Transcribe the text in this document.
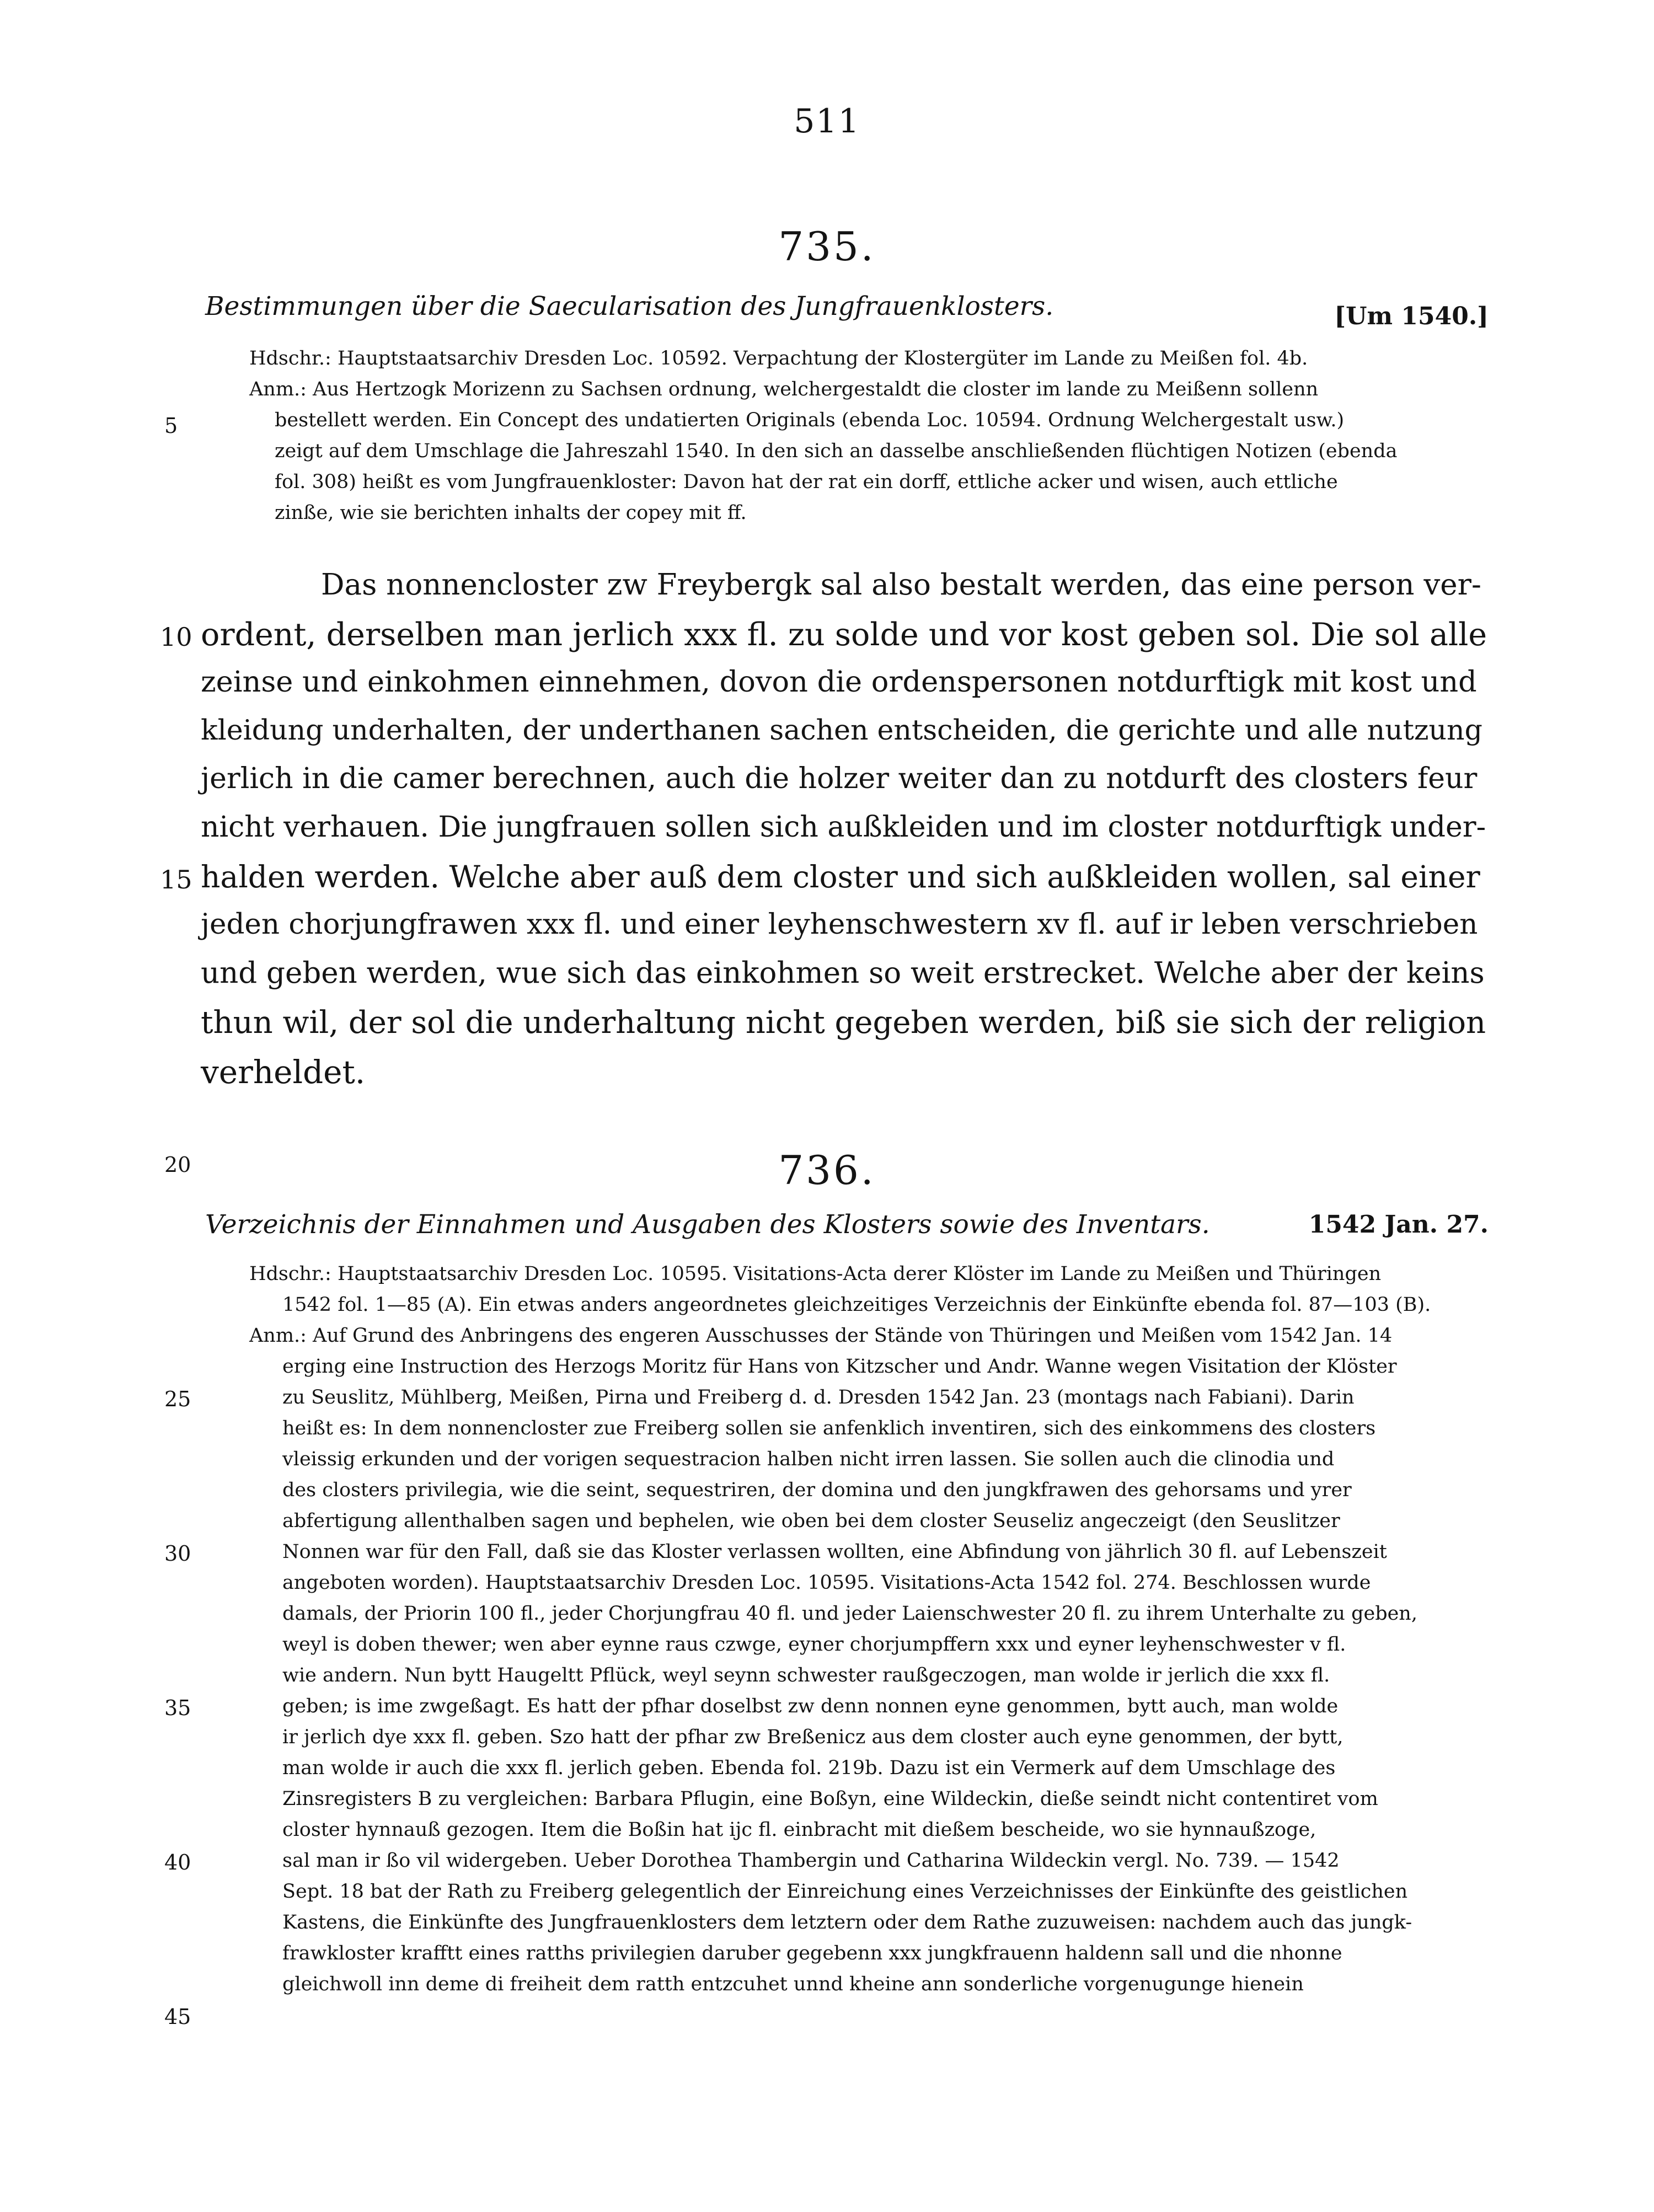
511
735.
Bestimmungen über die Saecularisation des Jungfrauenklosters.	[Um 1540.]
Hdschr.: Hauptstaatsarchiv Dresden Loc. 10592. Verpachtung der Klostergüter im Lande zu Meißen fol. 4b.
Anm.: Aus Hertzogk Morizenn zu Sachsen ordnung, welchergestaldt die closter im lande zu Meißenn sollenn
bestellett werden. Ein Concept des undatierten Originals (ebenda Loc. 10594. Ordnung Welchergestalt usw.)
zeigt auf dem Umschlage die Jahreszahl 1540. In den sich an dasselbe anschließenden flüchtigen Notizen (ebenda
fol. 308) heißt es vom Jungfrauenkloster: Davon hat der rat ein dorff, ettliche acker und wisen, auch ettliche
zinße, wie sie berichten inhalts der copey mit ff.
5
Das nonnencloster zw Freybergk sal also bestalt werden, das eine person ver-
ordent, derselben man jerlich xxx fl. zu solde und vor kost geben sol. Die sol alle
zeinse und einkohmen einnehmen, dovon die ordenspersonen notdurftigk mit kost und
kleidung underhalten, der underthanen sachen entscheiden, die gerichte und alle nutzung
jerlich in die camer berechnen, auch die holzer weiter dan zu notdurft des closters feur
nicht verhauen. Die jungfrauen sollen sich außkleiden und im closter notdurftigk under-
halden werden. Welche aber auß dem closter und sich außkleiden wollen, sal einer
jeden chorjungfrawen xxx fl. und einer leyhenschwestern xv fl. auf ir leben verschrieben
und geben werden, wue sich das einkohmen so weit erstrecket. Welche aber der keins
thun wil, der sol die underhaltung nicht gegeben werden, biß sie sich der religion
verheldet.
10
15
20	736.
Verzeichnis der Einnahmen und Ausgaben des Klosters sowie des Inventars.	1542 Jan. 27.
Hdschr.: Hauptstaatsarchiv Dresden Loc. 10595. Visitations-Acta derer Klöster im Lande zu Meißen und Thüringen
1542 fol. 1—85 (A). Ein etwas anders angeordnetes gleichzeitiges Verzeichnis der Einkünfte ebenda fol. 87—103 (B).
Anm.: Auf Grund des Anbringens des engeren Ausschusses der Stände von Thüringen und Meißen vom 1542 Jan. 14
erging eine Instruction des Herzogs Moritz für Hans von Kitzscher und Andr. Wanne wegen Visitation der Klöster
zu Seuslitz, Mühlberg, Meißen, Pirna und Freiberg d. d. Dresden 1542 Jan. 23 (montags nach Fabiani). Darin
heißt es: In dem nonnencloster zue Freiberg sollen sie anfenklich inventiren, sich des einkommens des closters
vleissig erkunden und der vorigen sequestracion halben nicht irren lassen. Sie sollen auch die clinodia und
des closters privilegia, wie die seint, sequestriren, der domina und den jungkfrawen des gehorsams und yrer
abfertigung allenthalben sagen und bephelen, wie oben bei dem closter Seuseliz angeczeigt (den Seuslitzer
Nonnen war für den Fall, daß sie das Kloster verlassen wollten, eine Abfindung von jährlich 30 fl. auf Lebenszeit
angeboten worden). Hauptstaatsarchiv Dresden Loc. 10595. Visitations-Acta 1542 fol. 274. Beschlossen wurde
damals, der Priorin 100 fl., jeder Chorjungfrau 40 fl. und jeder Laienschwester 20 fl. zu ihrem Unterhalte zu geben,
weyl is doben thewer; wen aber eynne raus czwge, eyner chorjumpffern xxx und eyner leyhenschwester v fl.
wie andern. Nun bytt Haugeltt Pflück, weyl seynn schwester raußgeczogen, man wolde ir jerlich die xxx fl.
geben; is ime zwgeßagt. Es hatt der pfhar doselbst zw denn nonnen eyne genommen, bytt auch, man wolde
ir jerlich dye xxx fl. geben. Szo hatt der pfhar zw Breßenicz aus dem closter auch eyne genommen, der bytt,
man wolde ir auch die xxx fl. jerlich geben. Ebenda fol. 219b. Dazu ist ein Vermerk auf dem Umschlage des
Zinsregisters B zu vergleichen: Barbara Pflugin, eine Boßyn, eine Wildeckin, dieße seindt nicht contentiret vom
closter hynnauß gezogen. Item die Boßin hat ijc fl. einbracht mit dießem bescheide, wo sie hynnaußzoge,
sal man ir ßo vil widergeben. Ueber Dorothea Thambergin und Catharina Wildeckin vergl. No. 739. — 1542
Sept. 18 bat der Rath zu Freiberg gelegentlich der Einreichung eines Verzeichnisses der Einkünfte des geistlichen
Kastens, die Einkünfte des Jungfrauenklosters dem letztern oder dem Rathe zuzuweisen: nachdem auch das jungk-
frawkloster krafftt eines ratths privilegien daruber gegebenn xxx jungkfrauenn haldenn sall und die nhonne
gleichwoll inn deme di freiheit dem ratth entzcuhet unnd kheine ann sonderliche vorgenugunge hienein
25
30
35
40
45
